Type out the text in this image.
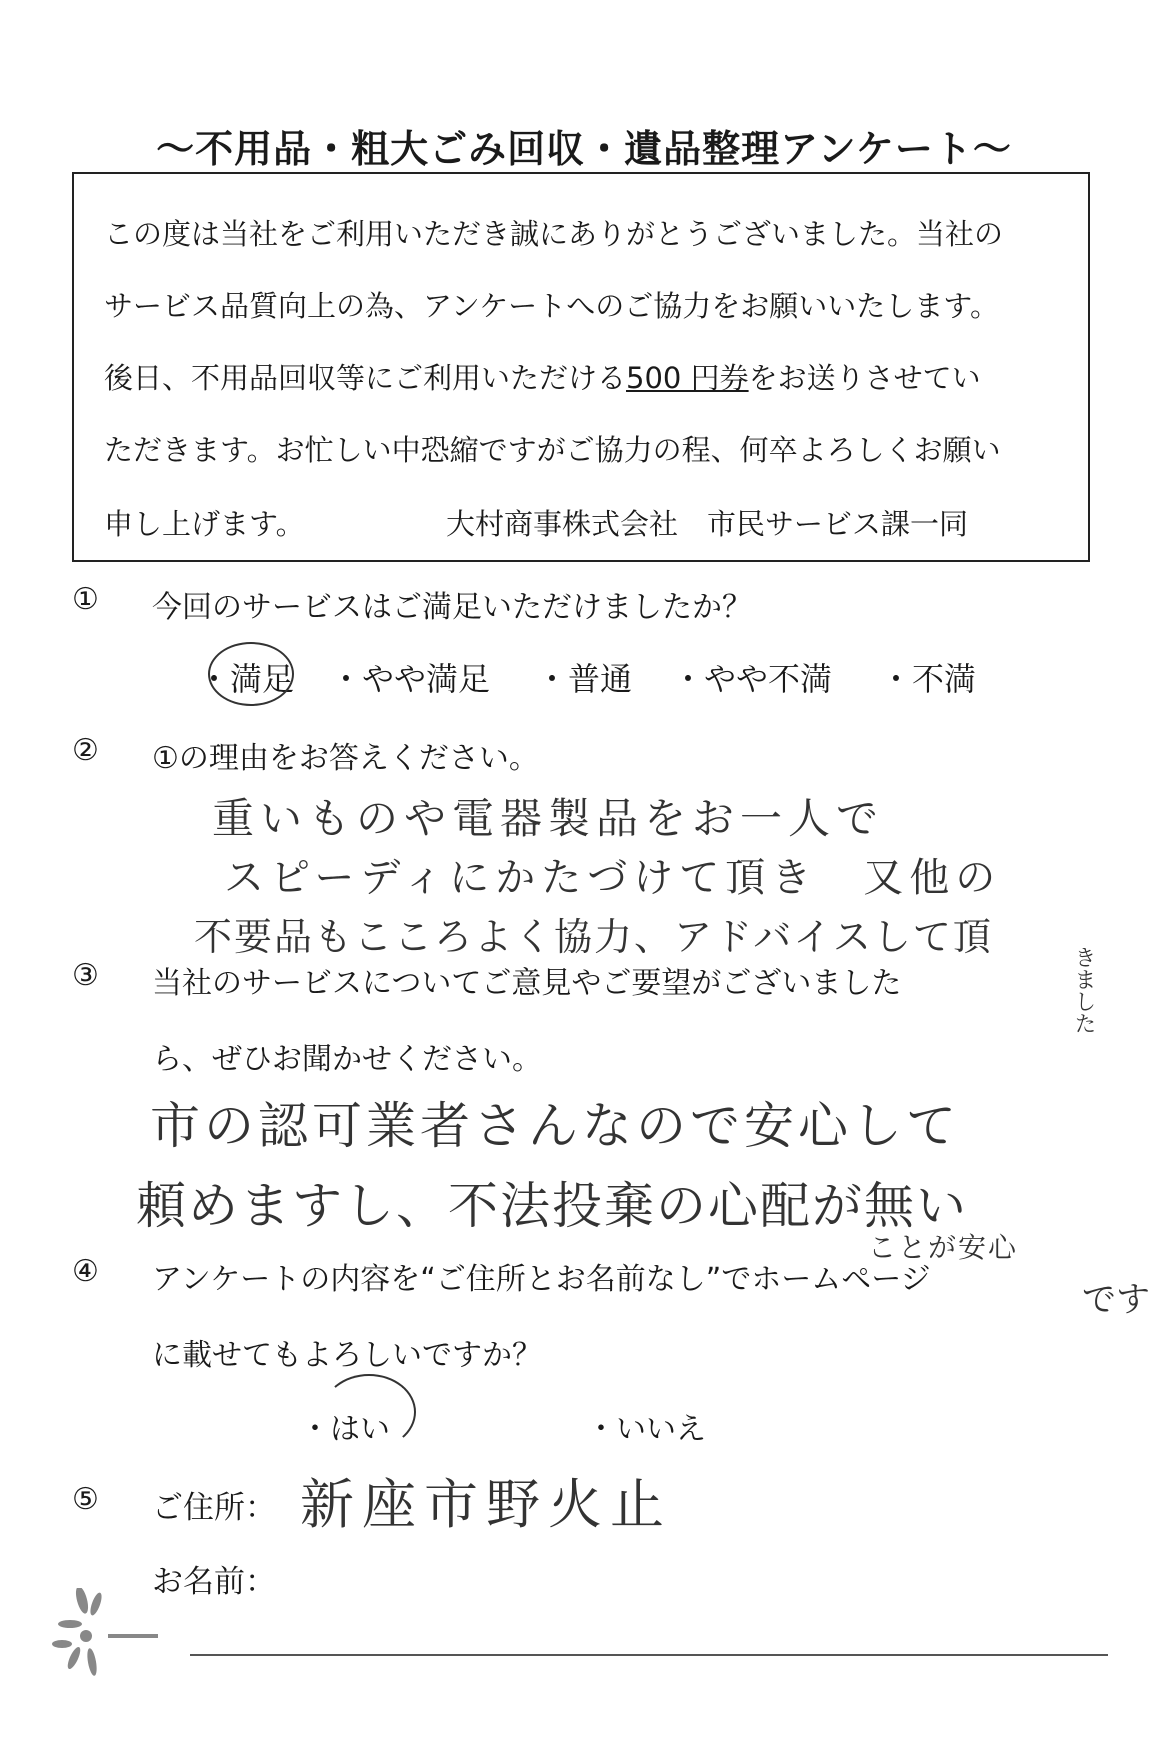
～不用品・粗大ごみ回収・遺品整理アンケート～
この度は当社をご利用いただき誠にありがとうございました。当社の
サービス品質向上の為、アンケートへのご協力をお願いいたします。
後日、不用品回収等にご利用いただける500 円券をお送りさせてい
ただきます。お忙しい中恐縮ですがご協力の程、何卒よろしくお願い
申し上げます。	大村商事株式会社　市民サービス課一同
① 今回のサービスはご満足いただけましたか？
・満足 ・やや満足 ・普通 ・やや不満 ・不満
② ①の理由をお答えください。
重いものや電器製品をお一人で
スピーディにかたづけて頂き　又他の
不要品もこころよく協力、アドバイスして頂
きました
③ 当社のサービスについてご意見やご要望がございました
ら、ぜひお聞かせください。
市の認可業者さんなので安心して
頼めますし、不法投棄の心配が無い
ことが安心
です
④ アンケートの内容を“ご住所とお名前なし”でホームページ
に載せてもよろしいですか？
・はい	・いいえ
⑤ ご住所： 新座市野火止
お名前：
